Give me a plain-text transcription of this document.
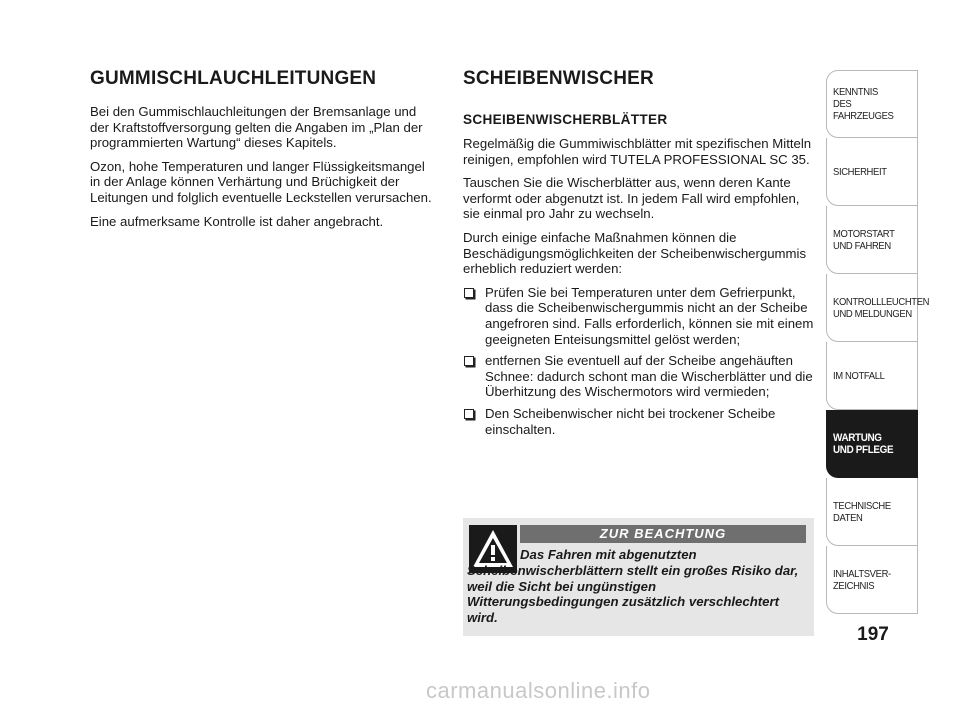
GUMMISCHLAUCHLEITUNGEN

Bei den Gummischlauchleitungen der Bremsanlage und der Kraftstoffversorgung gelten die Angaben im „Plan der programmierten Wartung“ dieses Kapitels.

Ozon, hohe Temperaturen und langer Flüssigkeitsmangel in der Anlage können Verhärtung und Brüchigkeit der Leitungen und folglich eventuelle Leckstellen verursachen.

Eine aufmerksame Kontrolle ist daher angebracht.

SCHEIBENWISCHER
SCHEIBENWISCHERBLÄTTER

Regelmäßig die Gummiwischblätter mit spezifischen Mitteln reinigen, empfohlen wird TUTELA PROFESSIONAL SC 35.

Tauschen Sie die Wischerblätter aus, wenn deren Kante verformt oder abgenutzt ist. In jedem Fall wird empfohlen, sie einmal pro Jahr zu wechseln.

Durch einige einfache Maßnahmen können die Beschädigungsmöglichkeiten der Scheibenwischergummis erheblich reduziert werden:

Prüfen Sie bei Temperaturen unter dem Gefrierpunkt, dass die Scheibenwischergummis nicht an der Scheibe angefroren sind. Falls erforderlich, können sie mit einem geeigneten Enteisungsmittel gelöst werden;
entfernen Sie eventuell auf der Scheibe angehäuften Schnee: dadurch schont man die Wischerblätter und die Überhitzung des Wischermotors wird vermieden;
Den Scheibenwischer nicht bei trockener Scheibe einschalten.
ZUR BEACHTUNG

Das Fahren mit abgenutzten Scheibenwischerblättern stellt ein großes Risiko dar, weil die Sicht bei ungünstigen Witterungsbedingungen zusätzlich verschlechtert wird.

KENNTNIS
DES FAHRZEUGES
SICHERHEIT
MOTORSTART
UND FAHREN
KONTROLLLEUCHTEN
UND MELDUNGEN
IM NOTFALL
WARTUNG
UND PFLEGE
TECHNISCHE
DATEN
INHALTSVER-
ZEICHNIS
197
carmanualsonline.info
